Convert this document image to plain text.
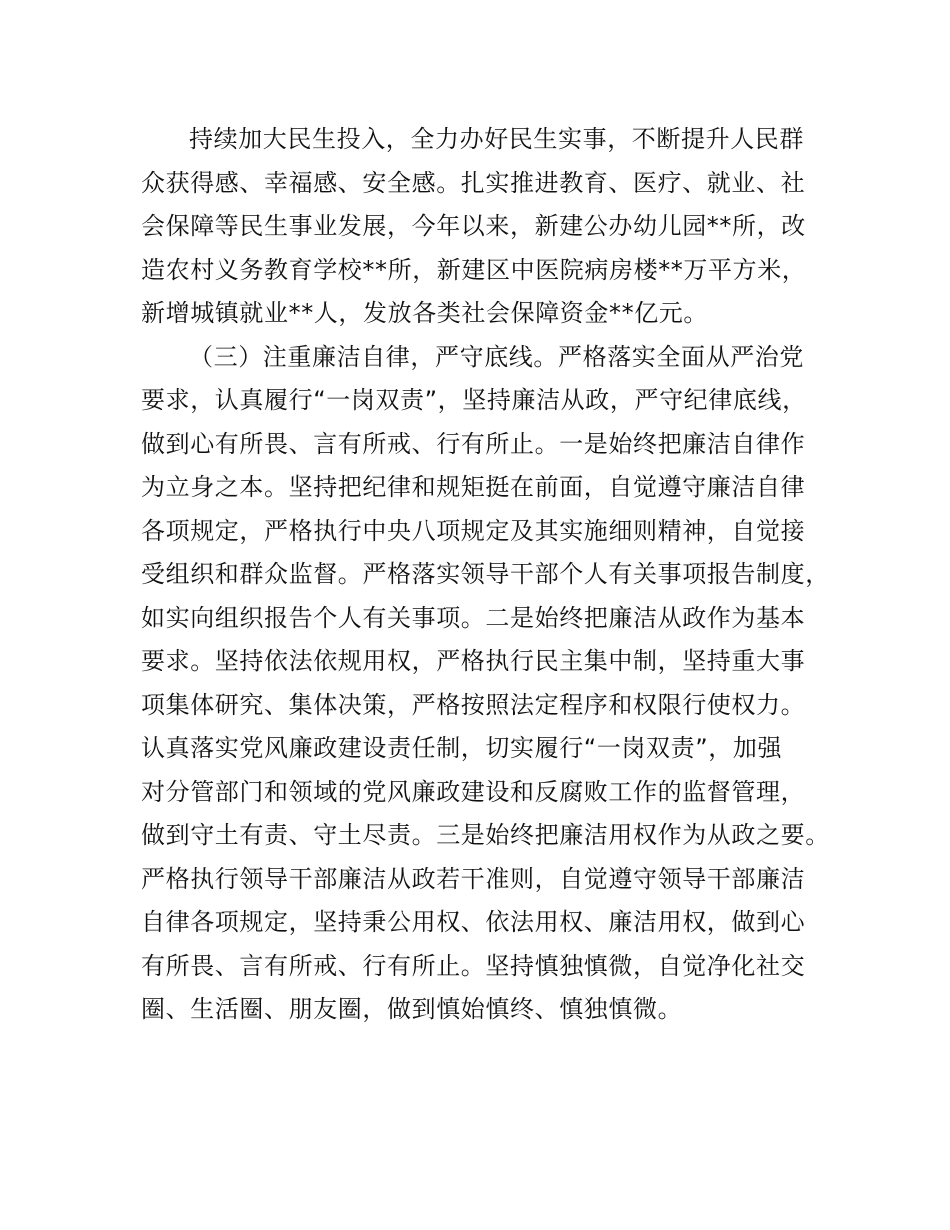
持续加大民生投入，全力办好民生实事，不断提升人民群
众获得感、幸福感、安全感。扎实推进教育、医疗、就业、社
会保障等民生事业发展，今年以来，新建公办幼儿园**所，改
造农村义务教育学校**所，新建区中医院病房楼**万平方米，
新增城镇就业**人，发放各类社会保障资金**亿元。
（三）注重廉洁自律，严守底线。严格落实全面从严治党
要求，认真履行“一岗双责”，坚持廉洁从政，严守纪律底线，
做到心有所畏、言有所戒、行有所止。一是始终把廉洁自律作
为立身之本。坚持把纪律和规矩挺在前面，自觉遵守廉洁自律
各项规定，严格执行中央八项规定及其实施细则精神，自觉接
受组织和群众监督。严格落实领导干部个人有关事项报告制度，
如实向组织报告个人有关事项。二是始终把廉洁从政作为基本
要求。坚持依法依规用权，严格执行民主集中制，坚持重大事
项集体研究、集体决策，严格按照法定程序和权限行使权力。
认真落实党风廉政建设责任制，切实履行“一岗双责”，加强
对分管部门和领域的党风廉政建设和反腐败工作的监督管理，
做到守土有责、守土尽责。三是始终把廉洁用权作为从政之要。
严格执行领导干部廉洁从政若干准则，自觉遵守领导干部廉洁
自律各项规定，坚持秉公用权、依法用权、廉洁用权，做到心
有所畏、言有所戒、行有所止。坚持慎独慎微，自觉净化社交
圈、生活圈、朋友圈，做到慎始慎终、慎独慎微。
